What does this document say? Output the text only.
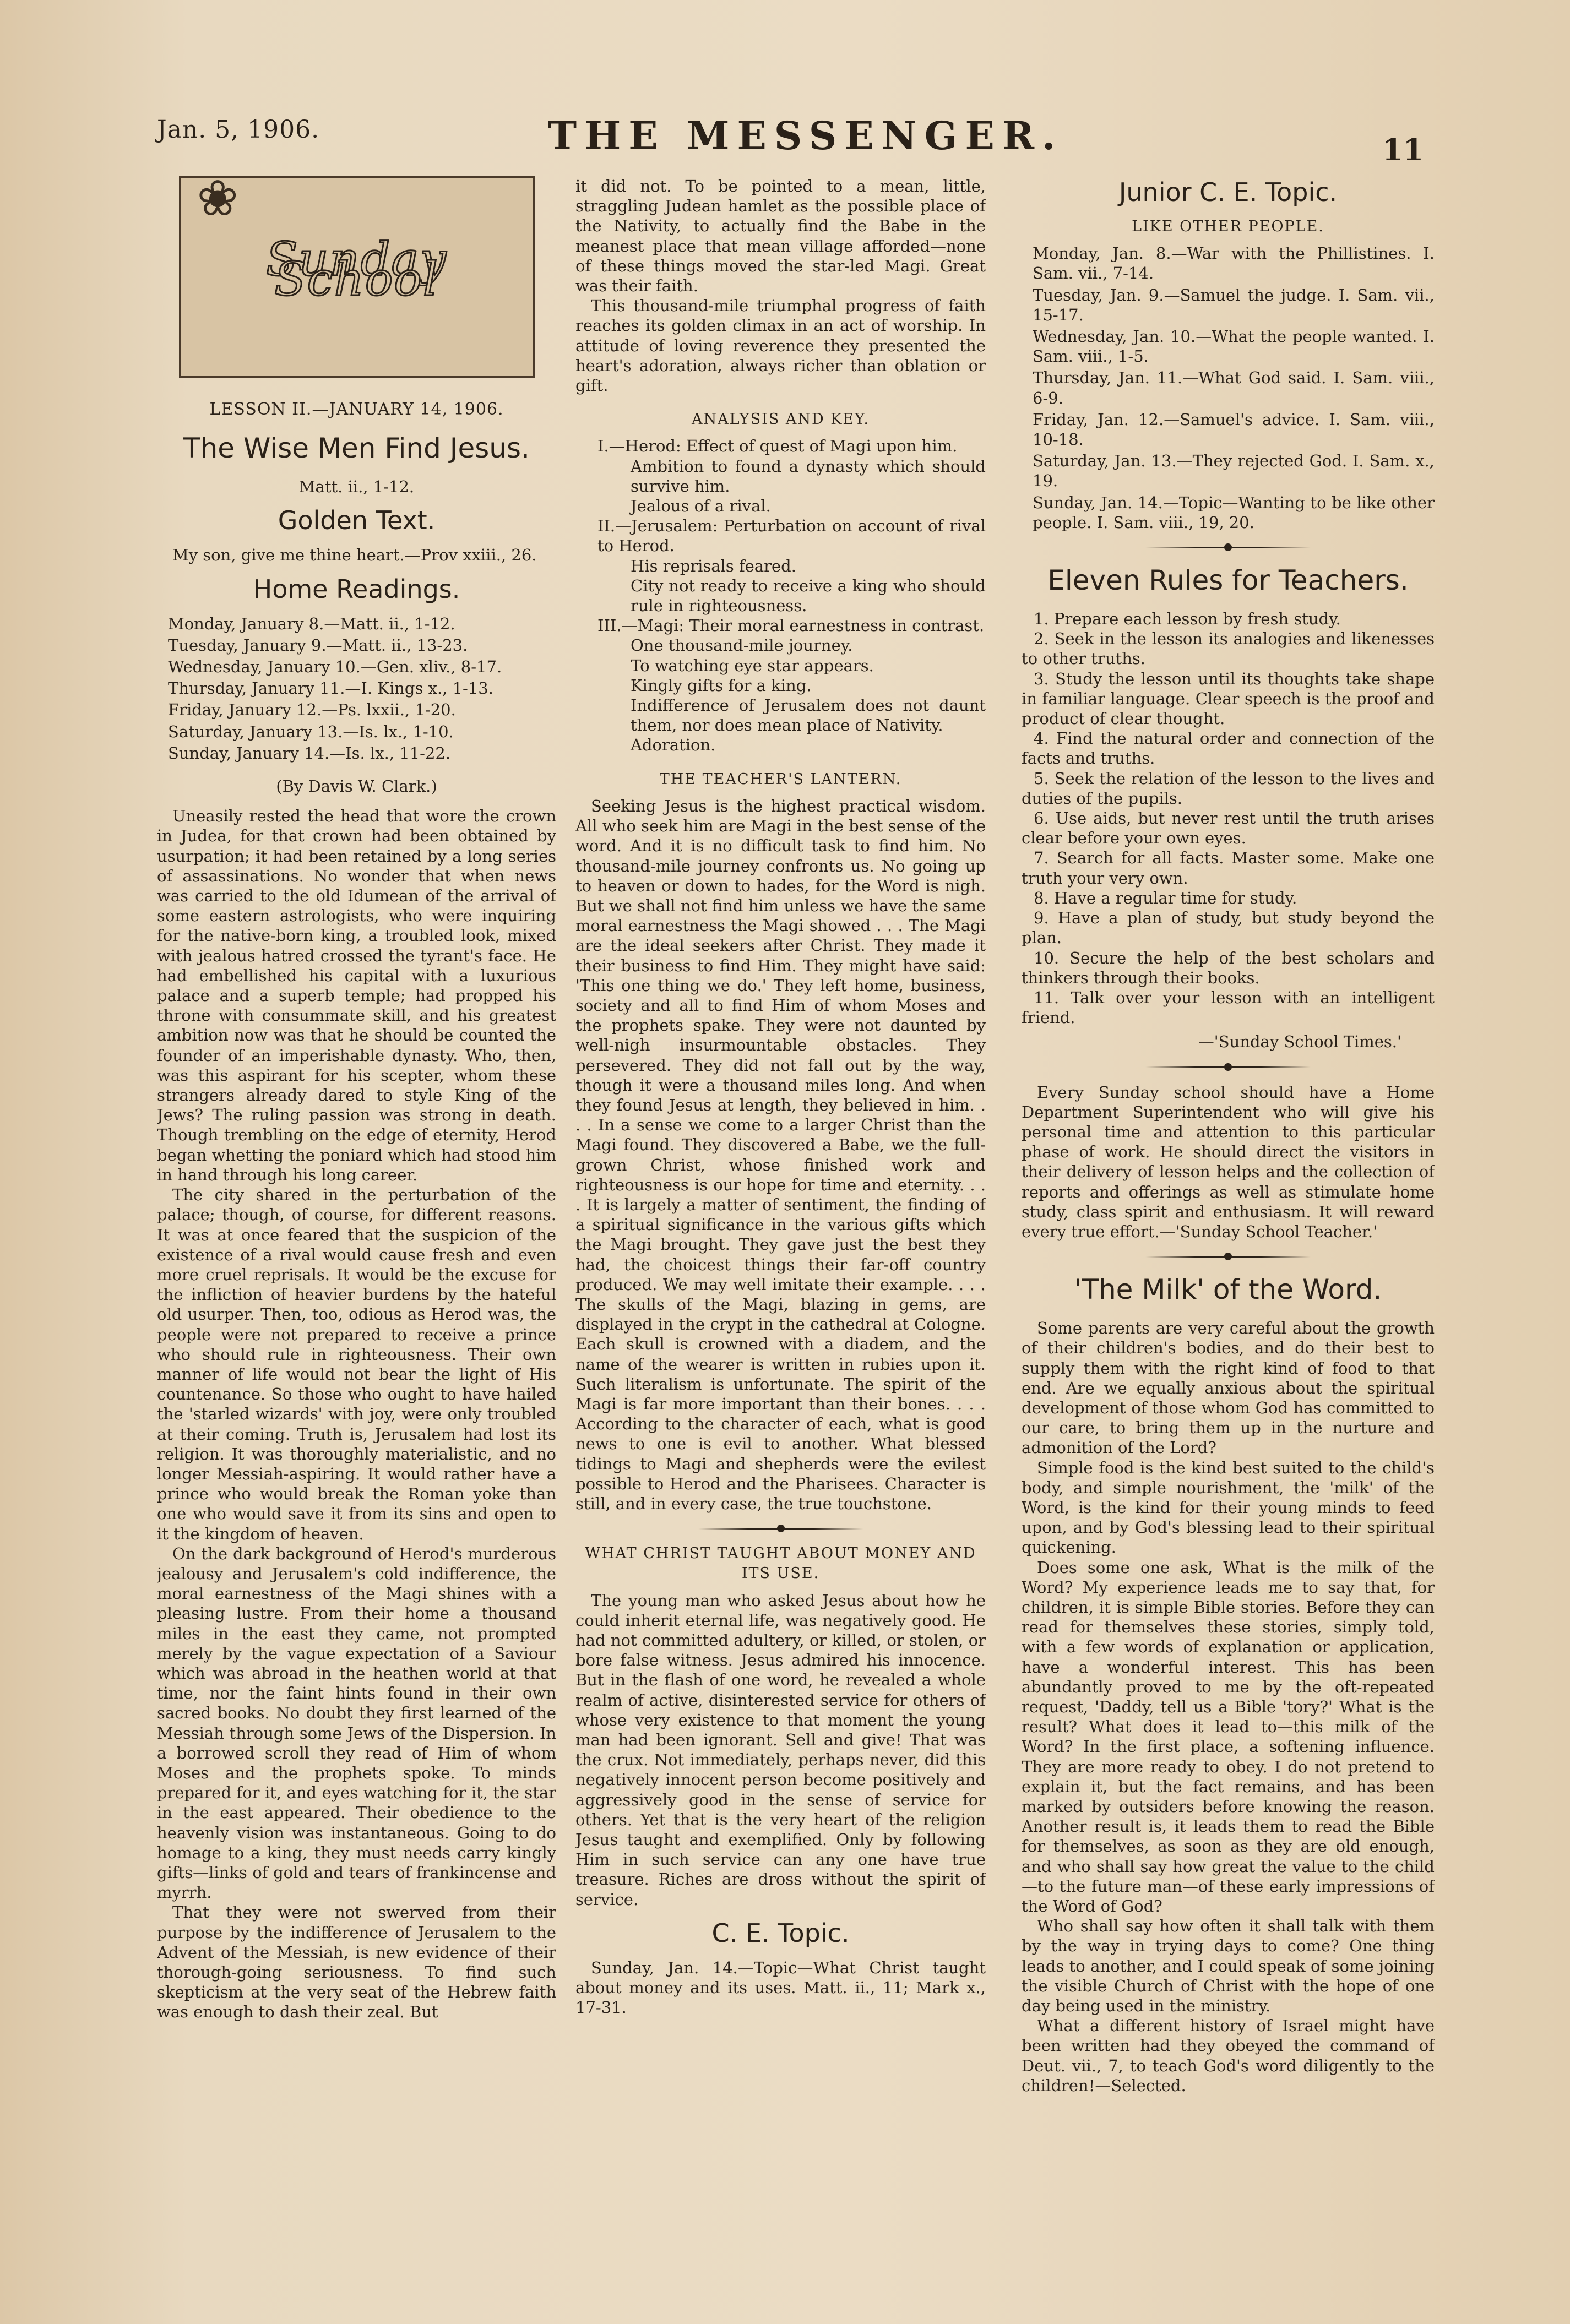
Jan. 5, 1906.	THE MESSENGER.	11
❀
Sunday School
LESSON II.—JANUARY 14, 1906.
The Wise Men Find Jesus.
Matt. ii., 1-12.
Golden Text.

My son, give me thine heart.—Prov xxiii., 26.

Home Readings.

Monday, January 8.—Matt. ii., 1-12.

Tuesday, January 9.—Matt. ii., 13-23.

Wednesday, January 10.—Gen. xliv., 8-17.

Thursday, January 11.—I. Kings x., 1-13.

Friday, January 12.—Ps. lxxii., 1-20.

Saturday, January 13.—Is. lx., 1-10.

Sunday, January 14.—Is. lx., 11-22.

(By Davis W. Clark.)

Uneasily rested the head that wore the crown in Judea, for that crown had been obtained by usurpation; it had been retained by a long series of assassinations. No wonder that when news was carried to the old Idumean of the arrival of some eastern astrologists, who were inquiring for the native-born king, a troubled look, mixed with jealous hatred crossed the tyrant's face. He had embellished his capital with a luxurious palace and a superb temple; had propped his throne with consummate skill, and his greatest ambition now was that he should be counted the founder of an imperishable dynasty. Who, then, was this aspirant for his scepter, whom these strangers already dared to style King of the Jews? The ruling passion was strong in death. Though trembling on the edge of eternity, Herod began whetting the poniard which had stood him in hand through his long career.

The city shared in the perturbation of the palace; though, of course, for different reasons. It was at once feared that the suspicion of the existence of a rival would cause fresh and even more cruel reprisals. It would be the excuse for the infliction of heavier burdens by the hateful old usurper. Then, too, odious as Herod was, the people were not prepared to receive a prince who should rule in righteousness. Their own manner of life would not bear the light of His countenance. So those who ought to have hailed the 'starled wizards' with joy, were only troubled at their coming. Truth is, Jerusalem had lost its religion. It was thoroughly materialistic, and no longer Messiah-aspiring. It would rather have a prince who would break the Roman yoke than one who would save it from its sins and open to it the kingdom of heaven.

On the dark background of Herod's murderous jealousy and Jerusalem's cold indifference, the moral earnestness of the Magi shines with a pleasing lustre. From their home a thousand miles in the east they came, not prompted merely by the vague expectation of a Saviour which was abroad in the heathen world at that time, nor the faint hints found in their own sacred books. No doubt they first learned of the Messiah through some Jews of the Dispersion. In a borrowed scroll they read of Him of whom Moses and the prophets spoke. To minds prepared for it, and eyes watching for it, the star in the east appeared. Their obedience to the heavenly vision was instantaneous. Going to do homage to a king, they must needs carry kingly gifts—links of gold and tears of frankincense and myrrh.

That they were not swerved from their purpose by the indifference of Jerusalem to the Advent of the Messiah, is new evidence of their thorough-going seriousness. To find such skepticism at the very seat of the Hebrew faith was enough to dash their zeal. But

it did not. To be pointed to a mean, little, straggling Judean hamlet as the possible place of the Nativity, to actually find the Babe in the meanest place that mean village afforded—none of these things moved the star-led Magi. Great was their faith.

This thousand-mile triumphal progress of faith reaches its golden climax in an act of worship. In attitude of loving reverence they presented the heart's adoration, always richer than oblation or gift.

ANALYSIS AND KEY.

I.—Herod: Effect of quest of Magi upon him.

Ambition to found a dynasty which should survive him.

Jealous of a rival.

II.—Jerusalem: Perturbation on account of rival to Herod.

His reprisals feared.

City not ready to receive a king who should rule in righteousness.

III.—Magi: Their moral earnestness in contrast.

One thousand-mile journey.

To watching eye star appears.

Kingly gifts for a king.

Indifference of Jerusalem does not daunt them, nor does mean place of Nativity.

Adoration.

THE TEACHER'S LANTERN.

Seeking Jesus is the highest practical wisdom. All who seek him are Magi in the best sense of the word. And it is no difficult task to find him. No thousand-mile journey confronts us. No going up to heaven or down to hades, for the Word is nigh. But we shall not find him unless we have the same moral earnestness the Magi showed . . . The Magi are the ideal seekers after Christ. They made it their business to find Him. They might have said: 'This one thing we do.' They left home, business, society and all to find Him of whom Moses and the prophets spake. They were not daunted by well-nigh insurmountable obstacles. They persevered. They did not fall out by the way, though it were a thousand miles long. And when they found Jesus at length, they believed in him. . . . In a sense we come to a larger Christ than the Magi found. They discovered a Babe, we the full-grown Christ, whose finished work and righteousness is our hope for time and eternity. . . . It is largely a matter of sentiment, the finding of a spiritual significance in the various gifts which the Magi brought. They gave just the best they had, the choicest things their far-off country produced. We may well imitate their example. . . . The skulls of the Magi, blazing in gems, are displayed in the crypt in the cathedral at Cologne. Each skull is crowned with a diadem, and the name of the wearer is written in rubies upon it. Such literalism is unfortunate. The spirit of the Magi is far more important than their bones. . . . According to the character of each, what is good news to one is evil to another. What blessed tidings to Magi and shepherds were the evilest possible to Herod and the Pharisees. Character is still, and in every case, the true touchstone.

WHAT CHRIST TAUGHT ABOUT MONEY AND ITS USE.

The young man who asked Jesus about how he could inherit eternal life, was negatively good. He had not committed adultery, or killed, or stolen, or bore false witness. Jesus admired his innocence. But in the flash of one word, he revealed a whole realm of active, disinterested service for others of whose very existence to that moment the young man had been ignorant. Sell and give! That was the crux. Not immediately, perhaps never, did this negatively innocent person become positively and aggressively good in the sense of service for others. Yet that is the very heart of the religion Jesus taught and exemplified. Only by following Him in such service can any one have true treasure. Riches are dross without the spirit of service.

C. E. Topic.

Sunday, Jan. 14.—Topic—What Christ taught about money and its uses. Matt. ii., 11; Mark x., 17-31.

Junior C. E. Topic.
LIKE OTHER PEOPLE.

Monday, Jan. 8.—War with the Phillistines. I. Sam. vii., 7-14.

Tuesday, Jan. 9.—Samuel the judge. I. Sam. vii., 15-17.

Wednesday, Jan. 10.—What the people wanted. I. Sam. viii., 1-5.

Thursday, Jan. 11.—What God said. I. Sam. viii., 6-9.

Friday, Jan. 12.—Samuel's advice. I. Sam. viii., 10-18.

Saturday, Jan. 13.—They rejected God. I. Sam. x., 19.

Sunday, Jan. 14.—Topic—Wanting to be like other people. I. Sam. viii., 19, 20.

Eleven Rules for Teachers.

1. Prepare each lesson by fresh study.

2. Seek in the lesson its analogies and likenesses to other truths.

3. Study the lesson until its thoughts take shape in familiar language. Clear speech is the proof and product of clear thought.

4. Find the natural order and connection of the facts and truths.

5. Seek the relation of the lesson to the lives and duties of the pupils.

6. Use aids, but never rest until the truth arises clear before your own eyes.

7. Search for all facts. Master some. Make one truth your very own.

8. Have a regular time for study.

9. Have a plan of study, but study beyond the plan.

10. Secure the help of the best scholars and thinkers through their books.

11. Talk over your lesson with an intelligent friend.

—'Sunday School Times.'

Every Sunday school should have a Home Department Superintendent who will give his personal time and attention to this particular phase of work. He should direct the visitors in their delivery of lesson helps and the collection of reports and offerings as well as stimulate home study, class spirit and enthusiasm. It will reward every true effort.—'Sunday School Teacher.'

'The Milk' of the Word.

Some parents are very careful about the growth of their children's bodies, and do their best to supply them with the right kind of food to that end. Are we equally anxious about the spiritual development of those whom God has committed to our care, to bring them up in the nurture and admonition of the Lord?

Simple food is the kind best suited to the child's body, and simple nourishment, the 'milk' of the Word, is the kind for their young minds to feed upon, and by God's blessing lead to their spiritual quickening.

Does some one ask, What is the milk of the Word? My experience leads me to say that, for children, it is simple Bible stories. Before they can read for themselves these stories, simply told, with a few words of explanation or application, have a wonderful interest. This has been abundantly proved to me by the oft-repeated request, 'Daddy, tell us a Bible 'tory?' What is the result? What does it lead to—this milk of the Word? In the first place, a softening influence. They are more ready to obey. I do not pretend to explain it, but the fact remains, and has been marked by outsiders before knowing the reason. Another result is, it leads them to read the Bible for themselves, as soon as they are old enough, and who shall say how great the value to the child—to the future man—of these early impressions of the Word of God?

Who shall say how often it shall talk with them by the way in trying days to come? One thing leads to another, and I could speak of some joining the visible Church of Christ with the hope of one day being used in the ministry.

What a different history of Israel might have been written had they obeyed the command of Deut. vii., 7, to teach God's word diligently to the children!—Selected.
